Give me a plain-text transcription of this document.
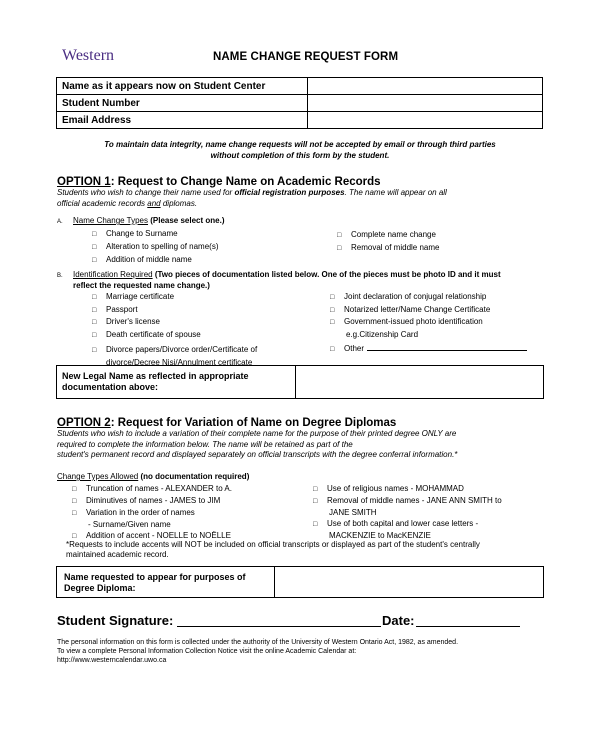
Western	NAME CHANGE REQUEST FORM
Name as it appears now on Student Center	
Student Number	
Email Address	
To maintain data integrity, name change requests will not be accepted by email or through third parties
without completion of this form by the student.
OPTION 1: Request to Change Name on Academic Records
Students who wish to change their name used for official registration purposes. The name will appear on all
official academic records and diplomas.
A. Name Change Types (Please select one.)
□ Change to Surname
□ Alteration to spelling of name(s)
□ Addition of middle name
□ Complete name change
□ Removal of middle name
B. Identification Required (Two pieces of documentation listed below. One of the pieces must be photo ID and it must
reflect the requested name change.)
□ Marriage certificate
□ Passport
□ Driver's license
□ Death certificate of spouse
□ Divorce papers/Divorce order/Certificate of
divorce/Decree Nisi/Annulment certificate
□ Joint declaration of conjugal relationship
□ Notarized letter/Name Change Certificate
□ Government-issued photo identification
e.g.Citizenship Card
□ Other
New Legal Name as reflected in appropriate
documentation above:
OPTION 2: Request for Variation of Name on Degree Diplomas
Students who wish to include a variation of their complete name for the purpose of their printed degree ONLY are
required to complete the information below. The name will be retained as part of the
student's permanent record and displayed separately on official transcripts with the degree conferral information.*
Change Types Allowed (no documentation required)
□ Truncation of names - ALEXANDER to A.
□ Diminutives of names - JAMES to JIM
□ Variation in the order of names
- Surname/Given name
□ Addition of accent - NOELLE to NOËLLE
□ Use of religious names - MOHAMMAD
□ Removal of middle names - JANE ANN SMITH to
JANE SMITH
□ Use of both capital and lower case letters -
MACKENZIE to MacKENZIE
*Requests to include accents will NOT be included on official transcripts or displayed as part of the student's centrally
maintained academic record.
Name requested to appear for purposes of
Degree Diploma:
Student Signature:	Date:
The personal information on this form is collected under the authority of the University of Western Ontario Act, 1982, as amended.
To view a complete Personal Information Collection Notice visit the online Academic Calendar at:
http://www.westerncalendar.uwo.ca
